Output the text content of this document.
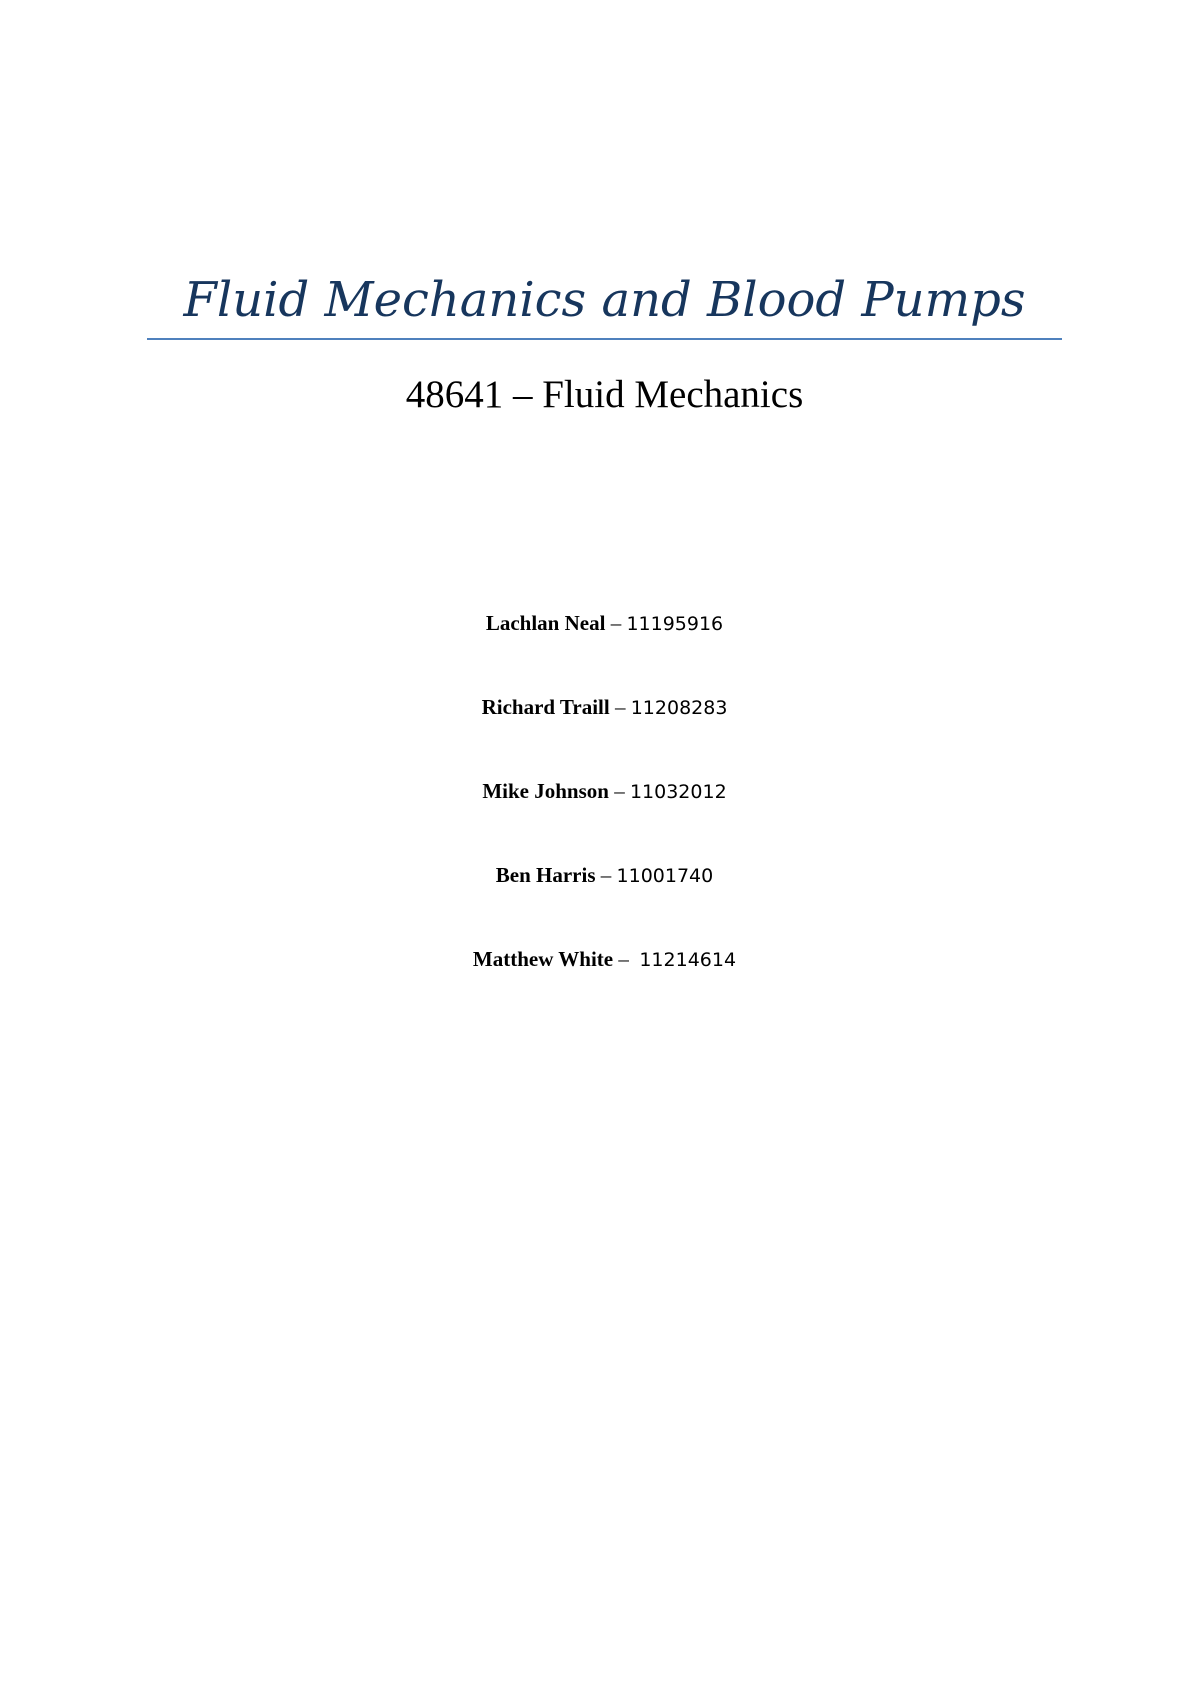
Fluid Mechanics and Blood Pumps
48641 – Fluid Mechanics
Lachlan Neal – 11195916
Richard Traill – 11208283
Mike Johnson – 11032012
Ben Harris – 11001740
Matthew White –  11214614
